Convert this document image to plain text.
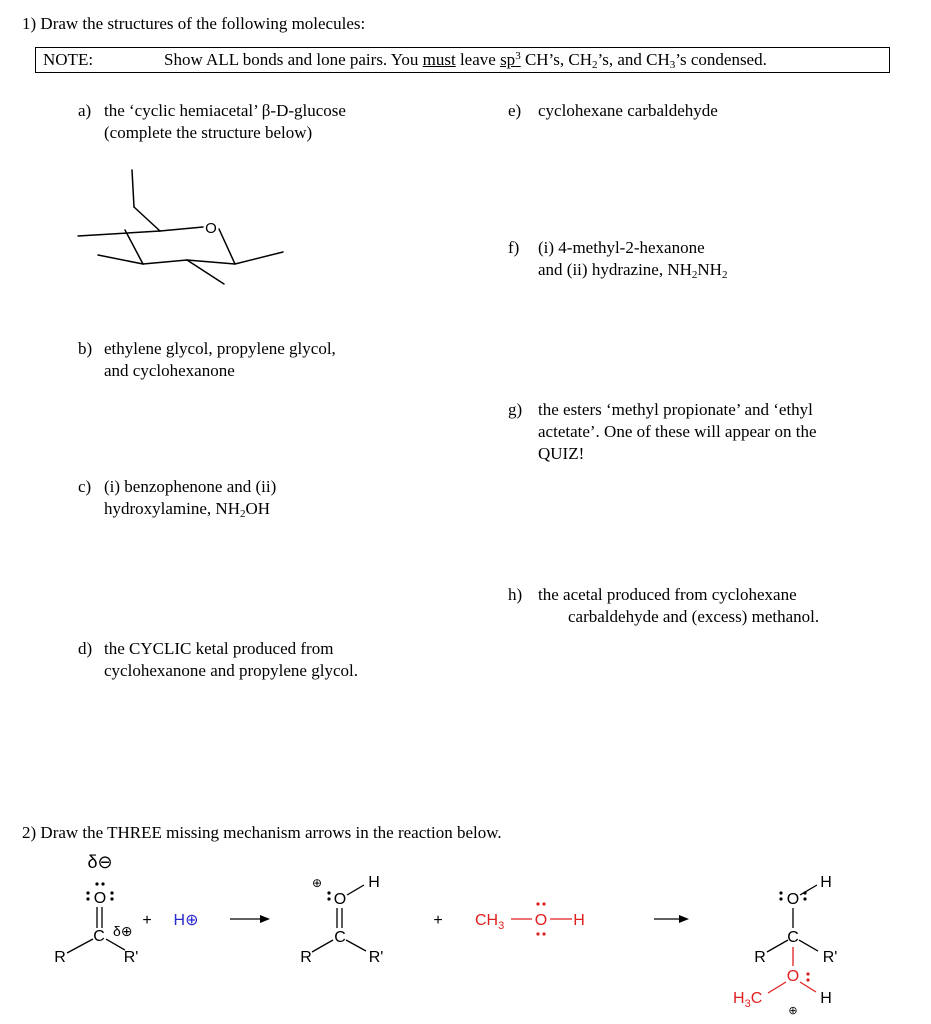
1) Draw the structures of the following molecules:
NOTE:	Show ALL bonds and lone pairs. You must leave $sp^3$ CH’s, $CH_2’s$, and $CH_3’s$ condensed.
a) the ‘cyclic hemiacetal’ β-D-glucose
(complete the structure below)
b) ethylene glycol, propylene glycol,
and cyclohexanone
c) (i) benzophenone and (ii)
hydroxylamine, $NH_2OH$
d) the CYCLIC ketal produced from
cyclohexanone and propylene glycol.
e) cyclohexane carbaldehyde
f) (i) 4-methyl-2-hexanone
and (ii) hydrazine, $NH_2NH_2$
g) the esters ‘methyl propionate’ and ‘ethyl
actetate’. One of these will appear on the
QUIZ!
h) the acetal produced from cyclohexane
carbaldehyde and (excess) methanol.
O
2) Draw the THREE missing mechanism arrows in the reaction below.
δ⊖
O
C δ⊕
R	R'
+ H⊕
⊕
O
H
C
R	R'
+ $CH_3$ O H
O
H
C
R	R'
O
$H_3C$	H
⊕
